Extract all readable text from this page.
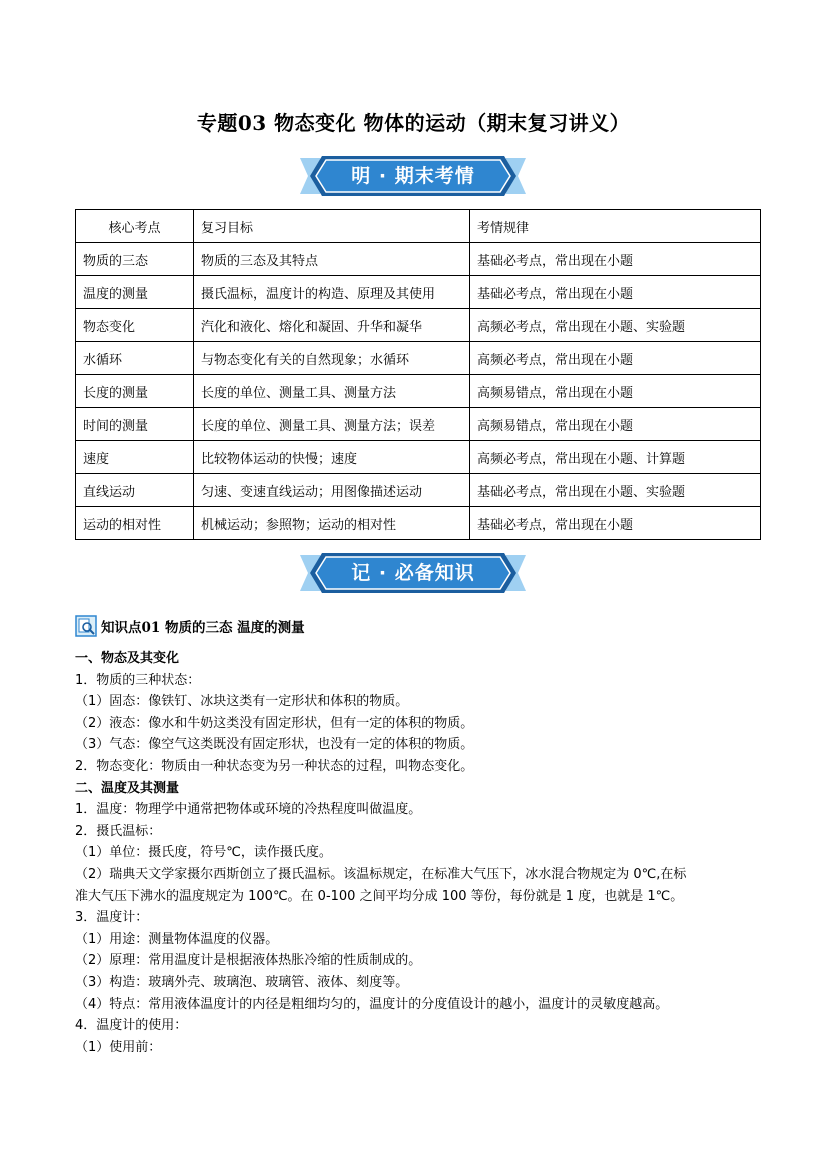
专题03 物态变化 物体的运动（期末复习讲义）
明 · 期末考情
核心考点	复习目标	考情规律
物质的三态	物质的三态及其特点	基础必考点，常出现在小题
温度的测量	摄氏温标，温度计的构造、原理及其使用	基础必考点，常出现在小题
物态变化	汽化和液化、熔化和凝固、升华和凝华	高频必考点，常出现在小题、实验题
水循环	与物态变化有关的自然现象；水循环	高频必考点，常出现在小题
长度的测量	长度的单位、测量工具、测量方法	高频易错点，常出现在小题
时间的测量	长度的单位、测量工具、测量方法；误差	高频易错点，常出现在小题
速度	比较物体运动的快慢；速度	高频必考点，常出现在小题、计算题
直线运动	匀速、变速直线运动；用图像描述运动	基础必考点，常出现在小题、实验题
运动的相对性	机械运动；参照物；运动的相对性	基础必考点，常出现在小题
记 · 必备知识
知识点01 物质的三态 温度的测量
一、物态及其变化
1．物质的三种状态：
（1）固态：像铁钉、冰块这类有一定形状和体积的物质。
（2）液态：像水和牛奶这类没有固定形状，但有一定的体积的物质。
（3）气态：像空气这类既没有固定形状，也没有一定的体积的物质。
2．物态变化：物质由一种状态变为另一种状态的过程，叫物态变化。
二、温度及其测量
1．温度：物理学中通常把物体或环境的冷热程度叫做温度。
2．摄氏温标：
（1）单位：摄氏度，符号℃，读作摄氏度。
（2）瑞典天文学家摄尔西斯创立了摄氏温标。该温标规定，在标准大气压下，冰水混合物规定为 0℃,在标
准大气压下沸水的温度规定为 100℃。在 0-100 之间平均分成 100 等份，每份就是 1 度，也就是 1℃。
3．温度计：
（1）用途：测量物体温度的仪器。
（2）原理：常用温度计是根据液体热胀冷缩的性质制成的。
（3）构造：玻璃外壳、玻璃泡、玻璃管、液体、刻度等。
（4）特点：常用液体温度计的内径是粗细均匀的，温度计的分度值设计的越小，温度计的灵敏度越高。
4．温度计的使用：
（1）使用前：
